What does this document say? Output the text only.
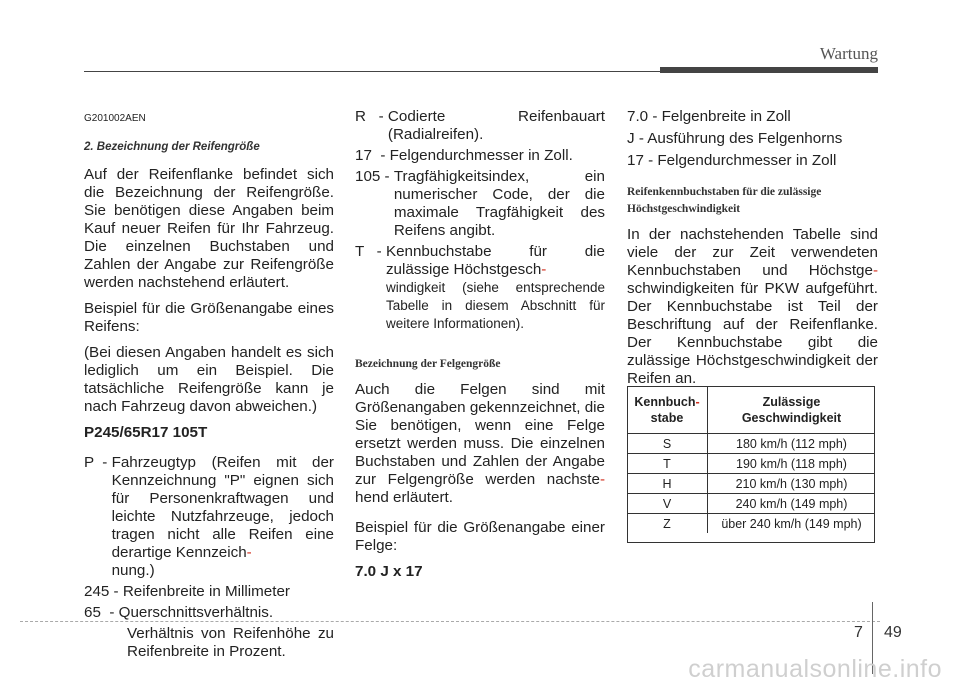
Wartung
G201002AEN
2. Bezeichnung der Reifengröße

Auf der Reifenflanke befindet sich die Bezeichnung der Reifengröße. Sie benötigen diese Angaben beim Kauf neuer Reifen für Ihr Fahrzeug. Die einzelnen Buchstaben und Zahlen der Angabe zur Reifengröße werden nachstehend erläutert.

Beispiel für die Größenangabe eines Reifens:

(Bei diesen Angaben handelt es sich lediglich um ein Beispiel. Die tatsächliche Reifengröße kann je nach Fahrzeug davon abweichen.)

P245/65R17 105T

P  - Fahrzeugtyp (Reifen mit der Kennzeichnung "P" eignen sich für Personenkraftwagen und leichte Nutzfahrzeuge, jedoch tragen nicht alle Reifen eine derartige Kennzeich-
nung.)
245 - Reifenbreite in Millimeter
65  - Querschnittsverhältnis.

Verhältnis von Reifenhöhe zu Reifenbreite in Prozent.

R   - Codierte Reifenbauart (Radialreifen).
17  - Felgendurchmesser in Zoll.
105 - Tragfähigkeitsindex, ein numerischer Code, der die maximale Tragfähigkeit des Reifens angibt.
T   - Kennbuchstabe für die zulässige Höchstgesch-
windigkeit (siehe entsprechende Tabelle in diesem Abschnitt für weitere Informationen).
Bezeichnung der Felgengröße

Auch die Felgen sind mit Größenangaben gekennzeichnet, die Sie benötigen, wenn eine Felge ersetzt werden muss. Die einzelnen Buchstaben und Zahlen der Angabe zur Felgengröße werden nachste-hend erläutert.

Beispiel für die Größenangabe einer Felge:

7.0 J x 17

7.0 - Felgenbreite in Zoll

J - Ausführung des Felgenhorns

17 - Felgendurchmesser in Zoll

Reifenkennbuchstaben für die zulässige Höchstgeschwindigkeit

In der nachstehenden Tabelle sind viele der zur Zeit verwendeten Kennbuchstaben und Höchstge-schwindigkeiten für PKW aufgeführt. Der Kennbuchstabe ist Teil der Beschriftung auf der Reifenflanke. Der Kennbuchstabe gibt die zulässige Höchstgeschwindigkeit der Reifen an.

Kennbuch-
stabe	Zulässige
Geschwindigkeit
S	180 km/h (112 mph)
T	190 km/h (118 mph)
H	210 km/h (130 mph)
V	240 km/h (149 mph)
Z	über 240 km/h (149 mph)
7 49
carmanualsonline.info
